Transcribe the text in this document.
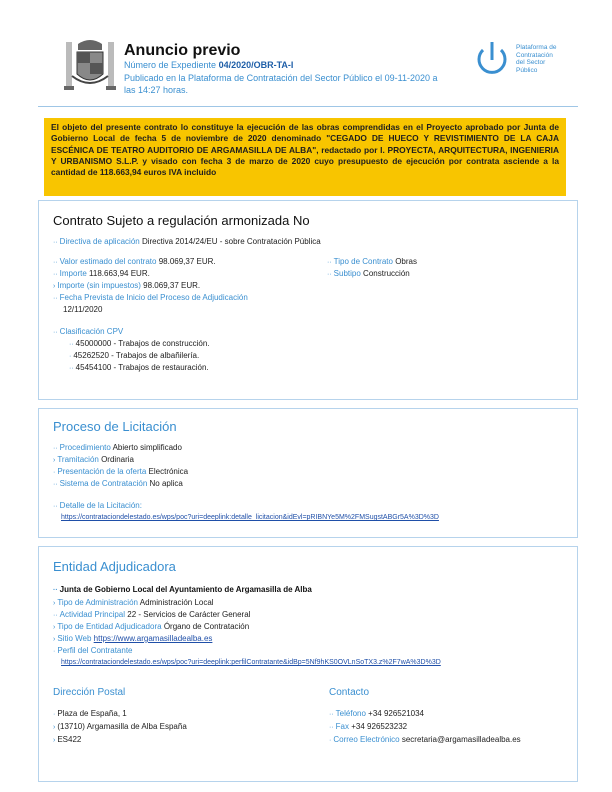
Anuncio previo
Número de Expediente 04/2020/OBR-TA-I
Publicado en la Plataforma de Contratación del Sector Público el 09-11-2020 a
las 14:27 horas.
Plataforma de
Contratación
del Sector
Público
El objeto del presente contrato lo constituye la ejecución de las obras comprendidas en el Proyecto aprobado por Junta de Gobierno Local de fecha 5 de noviembre de 2020 denominado "CEGADO DE HUECO Y REVISTIMIENTO DE LA CAJA ESCÉNICA DE TEATRO AUDITORIO DE ARGAMASILLA DE ALBA", redactado por I. PROYECTA, ARQUITECTURA, INGENIERIA Y URBANISMO S.L.P. y visado con fecha 3 de marzo de 2020 cuyo presupuesto de ejecución por contrata asciende a la cantidad de 118.663,94 euros IVA incluido
Contrato Sujeto a regulación armonizada No
·· Directiva de aplicación Directiva 2014/24/EU - sobre Contratación Pública
·· Valor estimado del contrato 98.069,37 EUR.
·· Importe 118.663,94 EUR.
› Importe (sin impuestos) 98.069,37 EUR.
·· Fecha Prevista de Inicio del Proceso de Adjudicación
12/11/2020
·· Tipo de Contrato Obras
·· Subtipo Construcción
·· Clasificación CPV
·· 45000000 - Trabajos de construcción.
· 45262520 - Trabajos de albañilería.
·· 45454100 - Trabajos de restauración.
Proceso de Licitación
·· Procedimiento Abierto simplificado
› Tramitación Ordinaria
· Presentación de la oferta Electrónica
·· Sistema de Contratación No aplica
·· Detalle de la Licitación:
https://contrataciondelestado.es/wps/poc?uri=deeplink:detalle_licitacion&idEvl=pRIBNYe5M%2FMSugstABGr5A%3D%3D
Entidad Adjudicadora
·· Junta de Gobierno Local del Ayuntamiento de Argamasilla de Alba
› Tipo de Administración Administración Local
·· Actividad Principal 22 - Servicios de Carácter General
› Tipo de Entidad Adjudicadora Órgano de Contratación
› Sitio Web https://www.argamasilladealba.es
· Perfil del Contratante
https://contrataciondelestado.es/wps/poc?uri=deeplink:perfilContratante&idBp=5Nf9hKS0OVLnSoTX3.z%2F7wA%3D%3D
Dirección Postal
· Plaza de España, 1
› (13710) Argamasilla de Alba España
› ES422
Contacto
·· Teléfono +34 926521034
·· Fax +34 926523232
· Correo Electrónico secretaria@argamasilladealba.es
